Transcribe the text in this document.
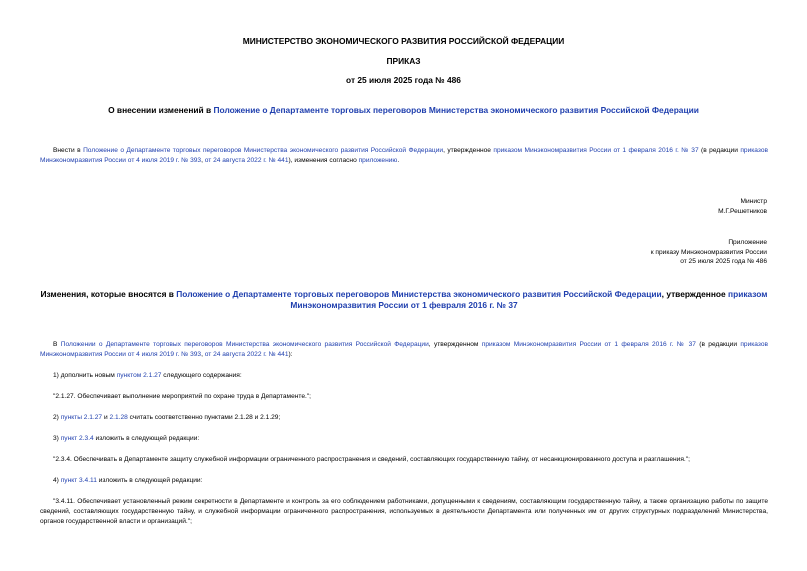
МИНИСТЕРСТВО ЭКОНОМИЧЕСКОГО РАЗВИТИЯ РОССИЙСКОЙ ФЕДЕРАЦИИ
ПРИКАЗ
от 25 июля 2025 года № 486
О внесении изменений в Положение о Департаменте торговых переговоров Министерства экономического развития Российской Федерации
Внести в Положение о Департаменте торговых переговоров Министерства экономического развития Российской Федерации, утвержденное приказом Минэкономразвития России от 1 февраля 2016 г. № 37 (в редакции приказов Минэкономразвития России от 4 июля 2019 г. № 393, от 24 августа 2022 г. № 441), изменения согласно приложению.
Министр
М.Г.Решетников
Приложение
к приказу Минэкономразвития России
от 25 июля 2025 года № 486
Изменения, которые вносятся в Положение о Департаменте торговых переговоров Министерства экономического развития Российской Федерации, утвержденное приказом Минэкономразвития России от 1 февраля 2016 г. № 37
В Положении о Департаменте торговых переговоров Министерства экономического развития Российской Федерации, утвержденном приказом Минэкономразвития России от 1 февраля 2016 г. № 37 (в редакции приказов Минэкономразвития России от 4 июля 2019 г. № 393, от 24 августа 2022 г. № 441):
1) дополнить новым пунктом 2.1.27 следующего содержания:
"2.1.27. Обеспечивает выполнение мероприятий по охране труда в Департаменте.";
2) пункты 2.1.27 и 2.1.28 считать соответственно пунктами 2.1.28 и 2.1.29;
3) пункт 2.3.4 изложить в следующей редакции:
"2.3.4. Обеспечивать в Департаменте защиту служебной информации ограниченного распространения и сведений, составляющих государственную тайну, от несанкционированного доступа и разглашения.";
4) пункт 3.4.11 изложить в следующей редакции:
"3.4.11. Обеспечивает установленный режим секретности в Департаменте и контроль за его соблюдением работниками, допущенными к сведениям, составляющим государственную тайну, а также организацию работы по защите сведений, составляющих государственную тайну, и служебной информации ограниченного распространения, используемых в деятельности Департамента или полученных им от других структурных подразделений Министерства, органов государственной власти и организаций.";
